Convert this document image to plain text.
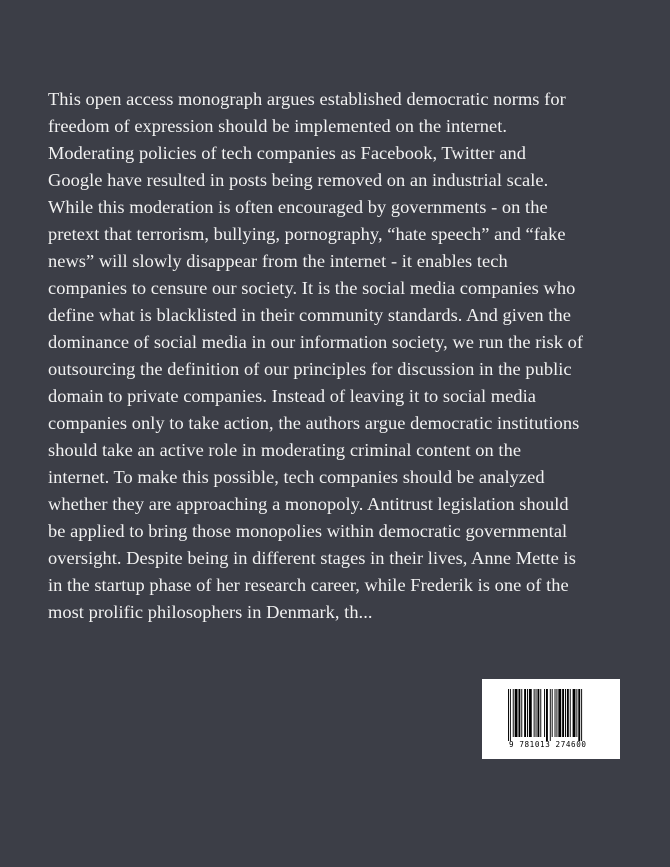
This open access monograph argues established democratic norms for
freedom of expression should be implemented on the internet.
Moderating policies of tech companies as Facebook, Twitter and
Google have resulted in posts being removed on an industrial scale.
While this moderation is often encouraged by governments - on the
pretext that terrorism, bullying, pornography, “hate speech” and “fake
news” will slowly disappear from the internet - it enables tech
companies to censure our society. It is the social media companies who
define what is blacklisted in their community standards. And given the
dominance of social media in our information society, we run the risk of
outsourcing the definition of our principles for discussion in the public
domain to private companies. Instead of leaving it to social media
companies only to take action, the authors argue democratic institutions
should take an active role in moderating criminal content on the
internet. To make this possible, tech companies should be analyzed
whether they are approaching a monopoly. Antitrust legislation should
be applied to bring those monopolies within democratic governmental
oversight. Despite being in different stages in their lives, Anne Mette is
in the startup phase of her research career, while Frederik is one of the
most prolific philosophers in Denmark, th...

9 781013 274600
